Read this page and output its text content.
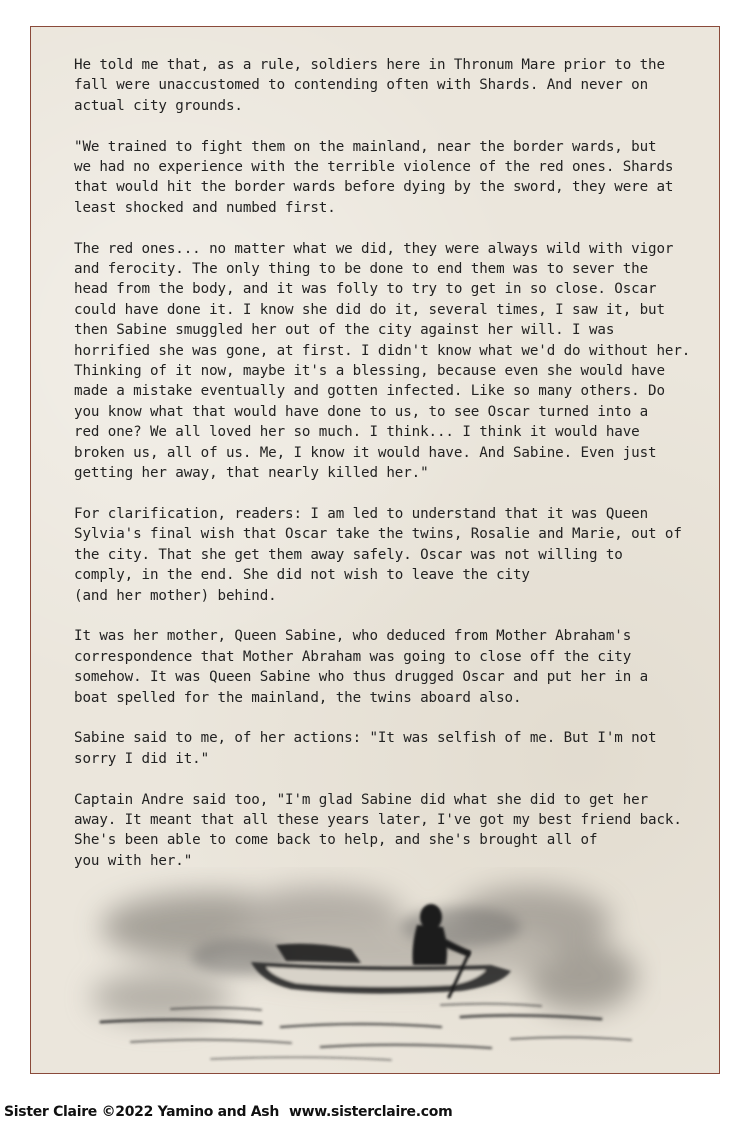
He told me that, as a rule, soldiers here in Thronum Mare prior to the
fall were unaccustomed to contending often with Shards. And never on
actual city grounds.

"We trained to fight them on the mainland, near the border wards, but
we had no experience with the terrible violence of the red ones. Shards
that would hit the border wards before dying by the sword, they were at
least shocked and numbed first.

The red ones... no matter what we did, they were always wild with vigor
and ferocity. The only thing to be done to end them was to sever the
head from the body, and it was folly to try to get in so close. Oscar
could have done it. I know she did do it, several times, I saw it, but
then Sabine smuggled her out of the city against her will. I was
horrified she was gone, at first. I didn't know what we'd do without her.
Thinking of it now, maybe it's a blessing, because even she would have
made a mistake eventually and gotten infected. Like so many others. Do
you know what that would have done to us, to see Oscar turned into a
red one? We all loved her so much. I think... I think it would have
broken us, all of us. Me, I know it would have. And Sabine. Even just
getting her away, that nearly killed her."

For clarification, readers: I am led to understand that it was Queen
Sylvia's final wish that Oscar take the twins, Rosalie and Marie, out of
the city. That she get them away safely. Oscar was not willing to
comply, in the end. She did not wish to leave the city
(and her mother) behind.

It was her mother, Queen Sabine, who deduced from Mother Abraham's
correspondence that Mother Abraham was going to close off the city
somehow. It was Queen Sabine who thus drugged Oscar and put her in a
boat spelled for the mainland, the twins aboard also.

Sabine said to me, of her actions: "It was selfish of me. But I'm not
sorry I did it."

Captain Andre said too, "I'm glad Sabine did what she did to get her
away. It meant that all these years later, I've got my best friend back.
She's been able to come back to help, and she's brought all of
you with her."

Sister Claire ©2022 Yamino and Ash www.sisterclaire.com
